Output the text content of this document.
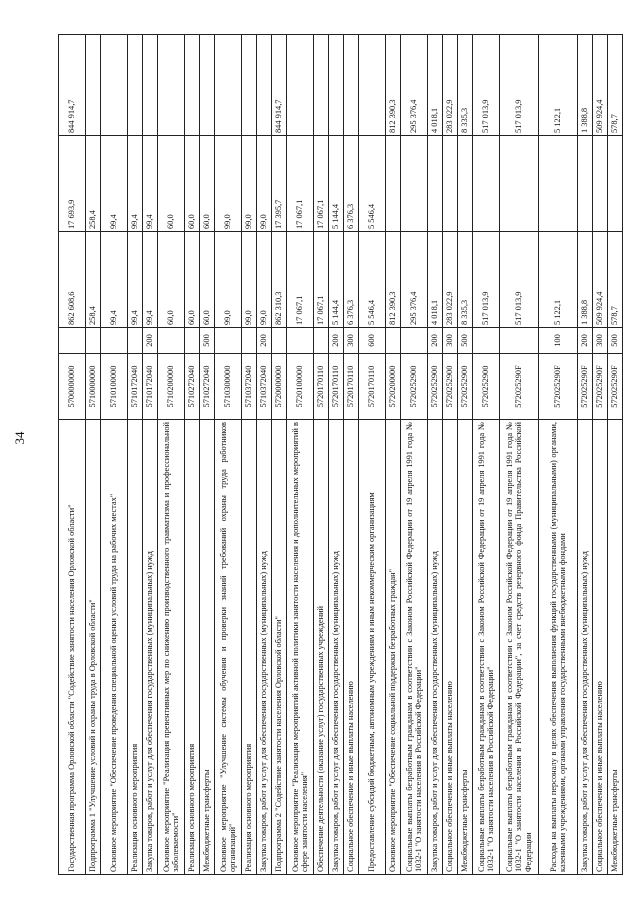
34
Государственная программа Орловской области "Содействие занятости населения Орловской области"	5700000000		862 608,6	17 693,9	844 914,7
Подпрограмма 1 "Улучшение условий и охраны труда в Орловской области"	5710000000		258,4	258,4	
Основное мероприятие "Обеспечение проведения специальной оценки условий труда на рабочих местах"	5710100000		99,4	99,4	
Реализация основного мероприятия	5710172040		99,4	99,4	
Закупка товаров, работ и услуг для обеспечения государственных (муниципальных) нужд	5710172040	200	99,4	99,4	
Основное мероприятие "Реализация превентивных мер по снижению производственного травматизма и профессиональной заболеваемости"	5710200000		60,0	60,0	
Реализация основного мероприятия	5710272040		60,0	60,0	
Межбюджетные трансферты	5710272040	500	60,0	60,0	
Основное мероприятие "Улучшение системы обучения и проверки знаний требований охраны труда работников организаций"	5710300000		99,0	99,0	
Реализация основного мероприятия	5710372040		99,0	99,0	
Закупка товаров, работ и услуг для обеспечения государственных (муниципальных) нужд	5710372040	200	99,0	99,0	
Подпрограмма 2 "Содействие занятости населения Орловской области"	5720000000		862 310,3	17 395,7	844 914,7
Основное мероприятие "Реализация мероприятий активной политики занятости населения и дополнительных мероприятий в сфере занятости населения"	5720100000		17 067,1	17 067,1	
Обеспечение деятельности (оказание услуг) государственных учреждений	5720170110		17 067,1	17 067,1	
Закупка товаров, работ и услуг для обеспечения государственных (муниципальных) нужд	5720170110	200	5 144,4	5 144,4	
Социальное обеспечение и иные выплаты населению	5720170110	300	6 376,3	6 376,3	
Предоставление субсидий бюджетным, автономным учреждениям и иным некоммерческим организациям	5720170110	600	5 546,4	5 546,4	
Основное мероприятие "Обеспечение социальной поддержки безработных граждан"	5720200000		812 390,3		812 390,3
Социальные выплаты безработным гражданам в соответствии с Законом Российской Федерации от 19 апреля 1991 года № 1032-1 "О занятости населения в Российской Федерации"	5720252900		295 376,4		295 376,4
Закупка товаров, работ и услуг для обеспечения государственных (муниципальных) нужд	5720252900	200	4 018,1		4 018,1
Социальное обеспечение и иные выплаты населению	5720252900	300	283 022,9		283 022,9
Межбюджетные трансферты	5720252900	500	8 335,3		8 335,3
Социальные выплаты безработным гражданам в соответствии с Законом Российской Федерации от 19 апреля 1991 года № 1032-1 "О занятости населения в Российской Федерации"	5720252900		517 013,9		517 013,9
Социальные выплаты безработным гражданам в соответствии с Законом Российской Федерации от 19 апреля 1991 года № 1032-1 "О занятости населения в Российской Федерации", за счет средств резервного фонда Правительства Российской Федерации	572025290F		517 013,9		517 013,9
Расходы на выплаты персоналу в целях обеспечения выполнения функций государственными (муниципальными) органами, казенными учреждениями, органами управления государственными внебюджетными фондами	572025290F	100	5 122,1		5 122,1
Закупка товаров, работ и услуг для обеспечения государственных (муниципальных) нужд	572025290F	200	1 388,8		1 388,8
Социальное обеспечение и иные выплаты населению	572025290F	300	509 924,4		509 924,4
Межбюджетные трансферты	572025290F	500	578,7		578,7
